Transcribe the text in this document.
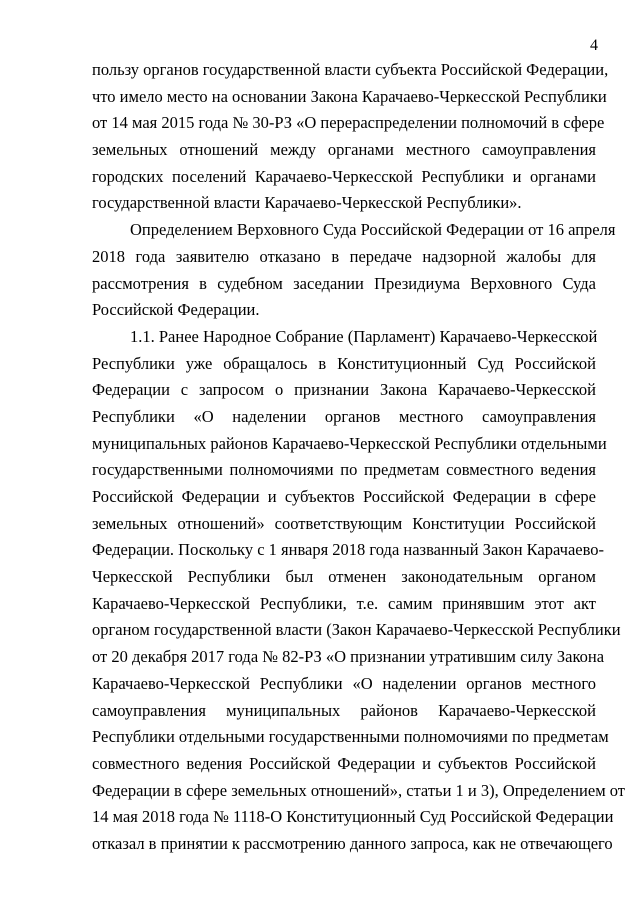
4

пользу органов государственной власти субъекта Российской Федерации,
что имело место на основании Закона Карачаево-Черкесской Республики
от 14 мая 2015 года № 30-РЗ «О перераспределении полномочий в сфере
земельных отношений между органами местного самоуправления
городских поселений Карачаево-Черкесской Республики и органами
государственной власти Карачаево-Черкесской Республики».

Определением Верховного Суда Российской Федерации от 16 апреля
2018 года заявителю отказано в передаче надзорной жалобы для
рассмотрения в судебном заседании Президиума Верховного Суда
Российской Федерации.

1.1. Ранее Народное Собрание (Парламент) Карачаево-Черкесской
Республики уже обращалось в Конституционный Суд Российской
Федерации с запросом о признании Закона Карачаево-Черкесской
Республики «О наделении органов местного самоуправления
муниципальных районов Карачаево-Черкесской Республики отдельными
государственными полномочиями по предметам совместного ведения
Российской Федерации и субъектов Российской Федерации в сфере
земельных отношений» соответствующим Конституции Российской
Федерации. Поскольку с 1 января 2018 года названный Закон Карачаево-
Черкесской Республики был отменен законодательным органом
Карачаево-Черкесской Республики, т.е. самим принявшим этот акт
органом государственной власти (Закон Карачаево-Черкесской Республики
от 20 декабря 2017 года № 82-РЗ «О признании утратившим силу Закона
Карачаево-Черкесской Республики «О наделении органов местного
самоуправления муниципальных районов Карачаево-Черкесской
Республики отдельными государственными полномочиями по предметам
совместного ведения Российской Федерации и субъектов Российской
Федерации в сфере земельных отношений», статьи 1 и 3), Определением от
14 мая 2018 года № 1118-О Конституционный Суд Российской Федерации
отказал в принятии к рассмотрению данного запроса, как не отвечающего
